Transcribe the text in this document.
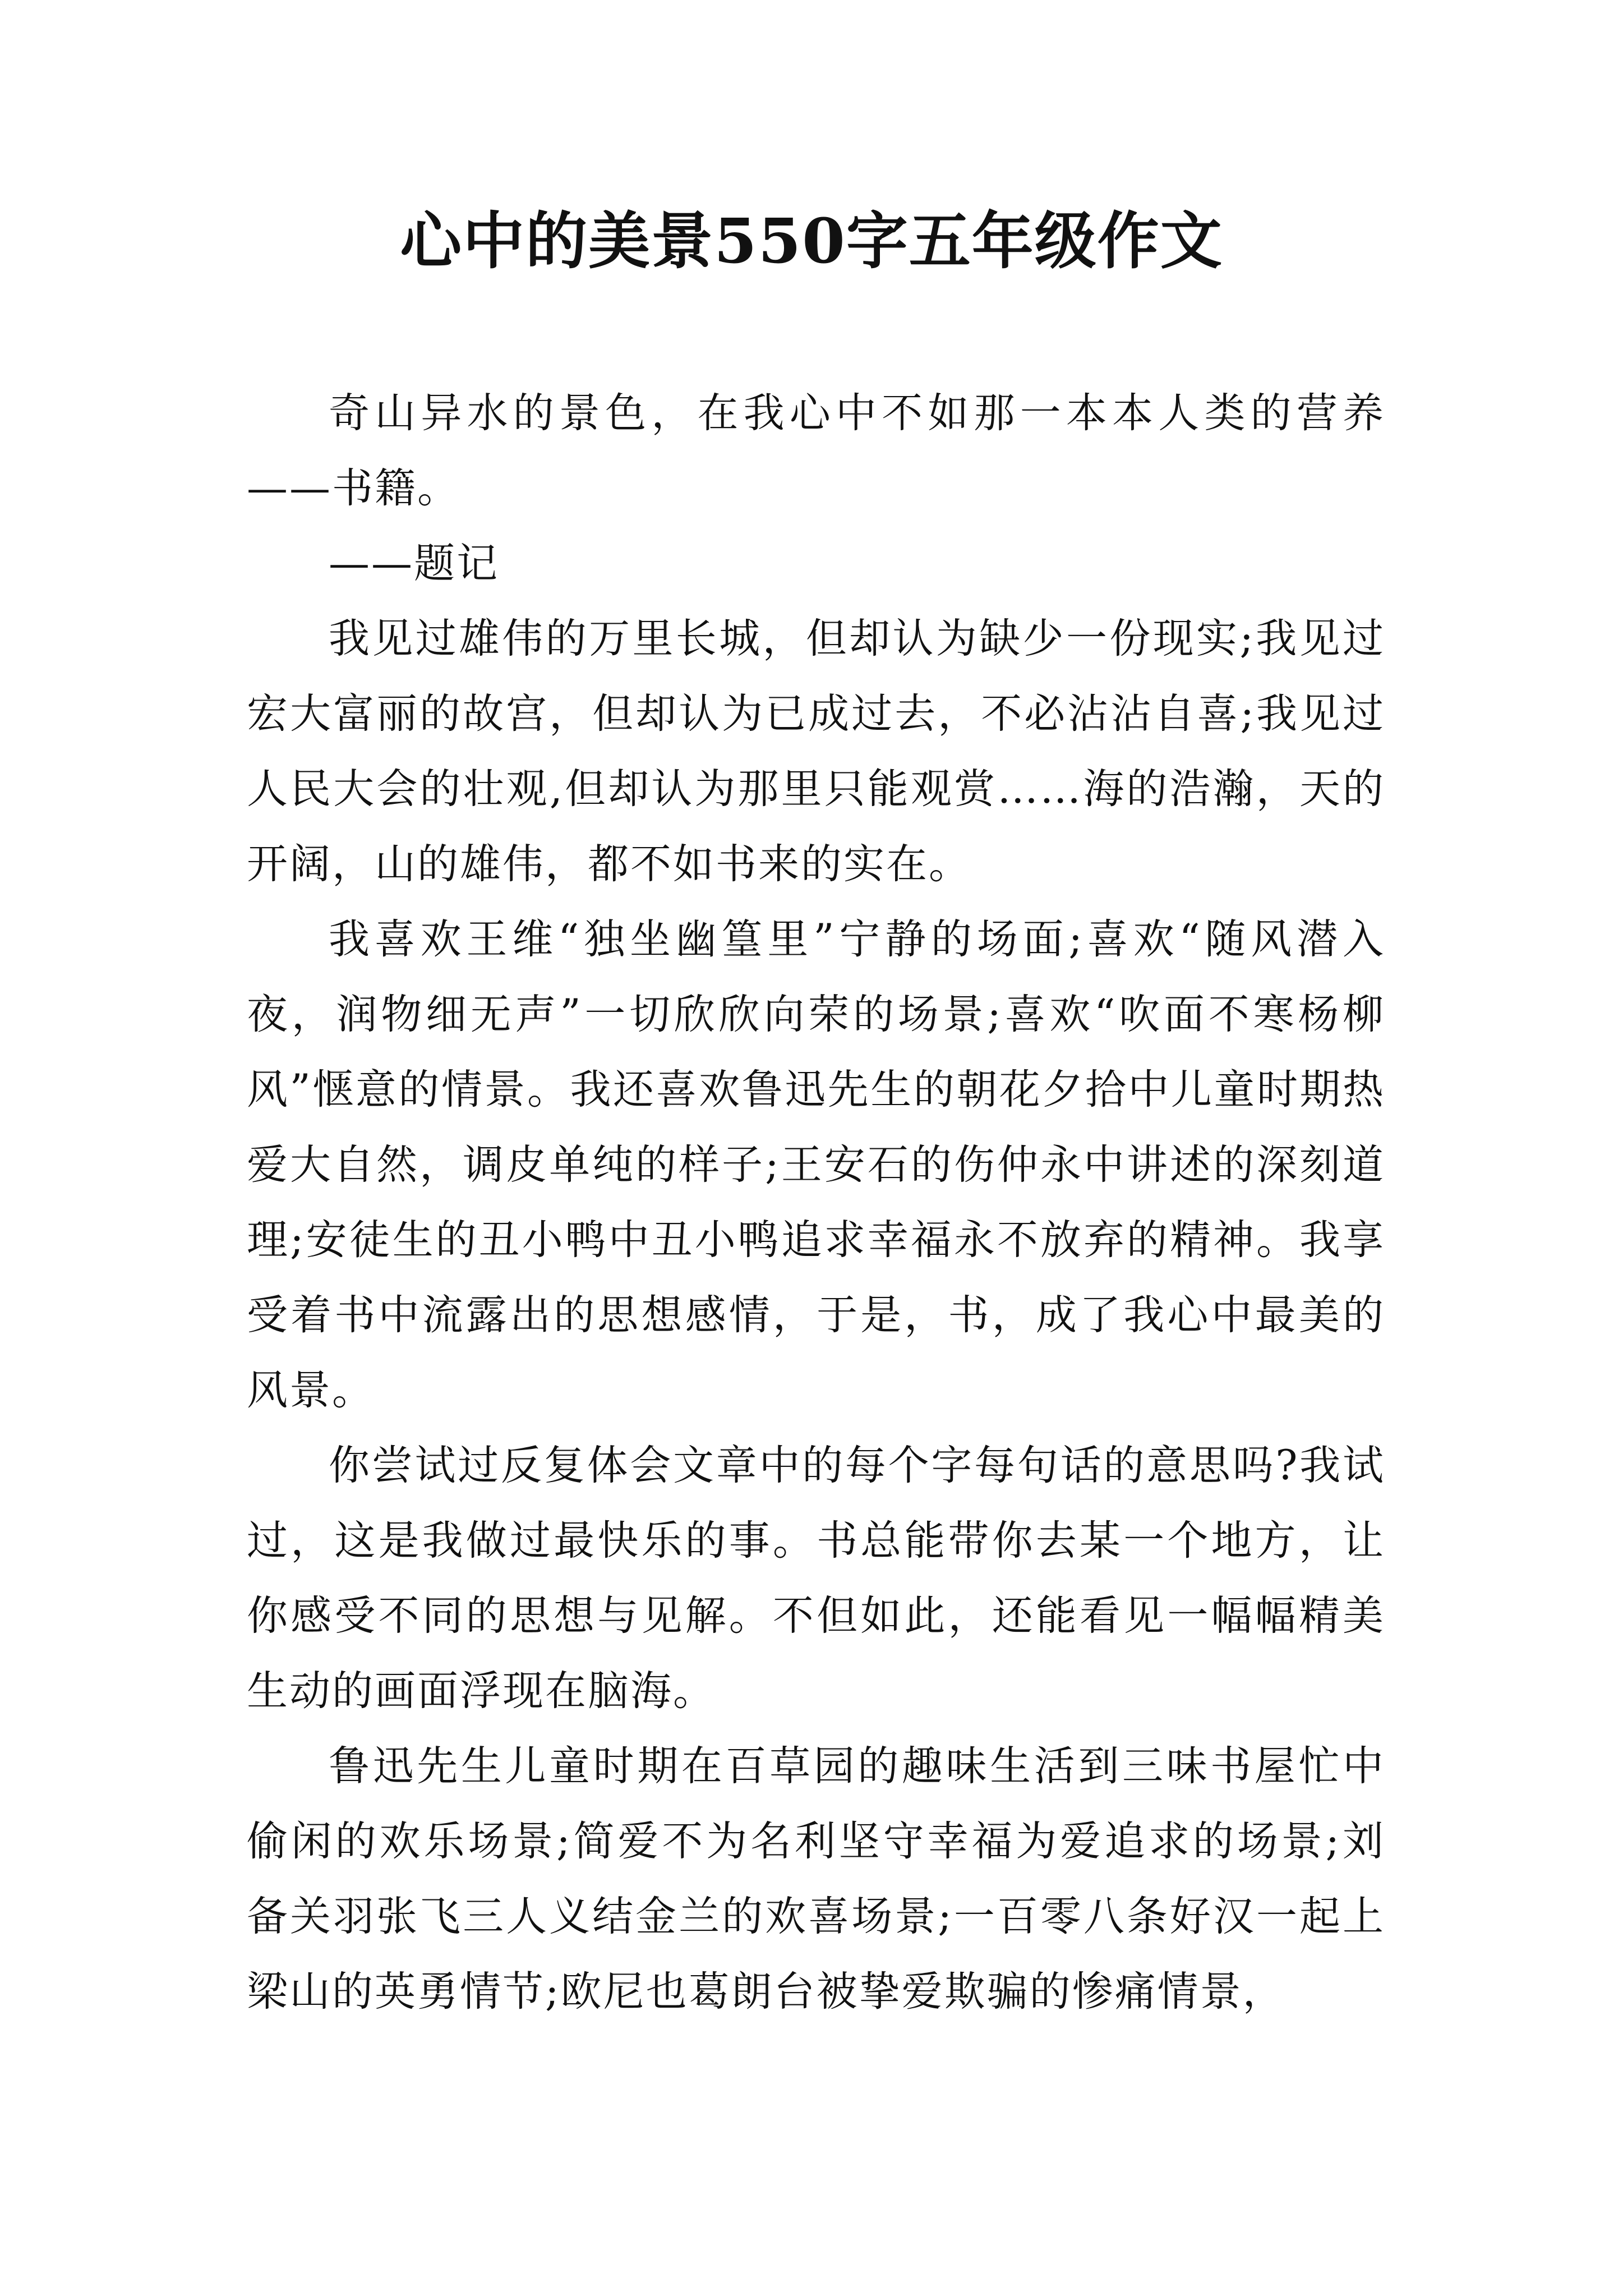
心中的美景550字五年级作文

奇山异水的景色，在我心中不如那一本本人类的营养——书籍。

——题记

我见过雄伟的万里长城，但却认为缺少一份现实;我见过宏大富丽的故宫，但却认为已成过去，不必沾沾自喜;我见过人民大会的壮观,但却认为那里只能观赏……海的浩瀚，天的开阔，山的雄伟，都不如书来的实在。

我喜欢王维“独坐幽篁里”宁静的场面;喜欢“随风潜入夜，润物细无声”一切欣欣向荣的场景;喜欢“吹面不寒杨柳风”惬意的情景。我还喜欢鲁迅先生的朝花夕拾中儿童时期热爱大自然，调皮单纯的样子;王安石的伤仲永中讲述的深刻道理;安徒生的丑小鸭中丑小鸭追求幸福永不放弃的精神。我享受着书中流露出的思想感情，于是，书，成了我心中最美的风景。

你尝试过反复体会文章中的每个字每句话的意思吗?我试过，这是我做过最快乐的事。书总能带你去某一个地方，让你感受不同的思想与见解。不但如此，还能看见一幅幅精美生动的画面浮现在脑海。

鲁迅先生儿童时期在百草园的趣味生活到三味书屋忙中偷闲的欢乐场景;简爱不为名利坚守幸福为爱追求的场景;刘备关羽张飞三人义结金兰的欢喜场景;一百零八条好汉一起上梁山的英勇情节;欧尼也葛朗台被挚爱欺骗的惨痛情景，
